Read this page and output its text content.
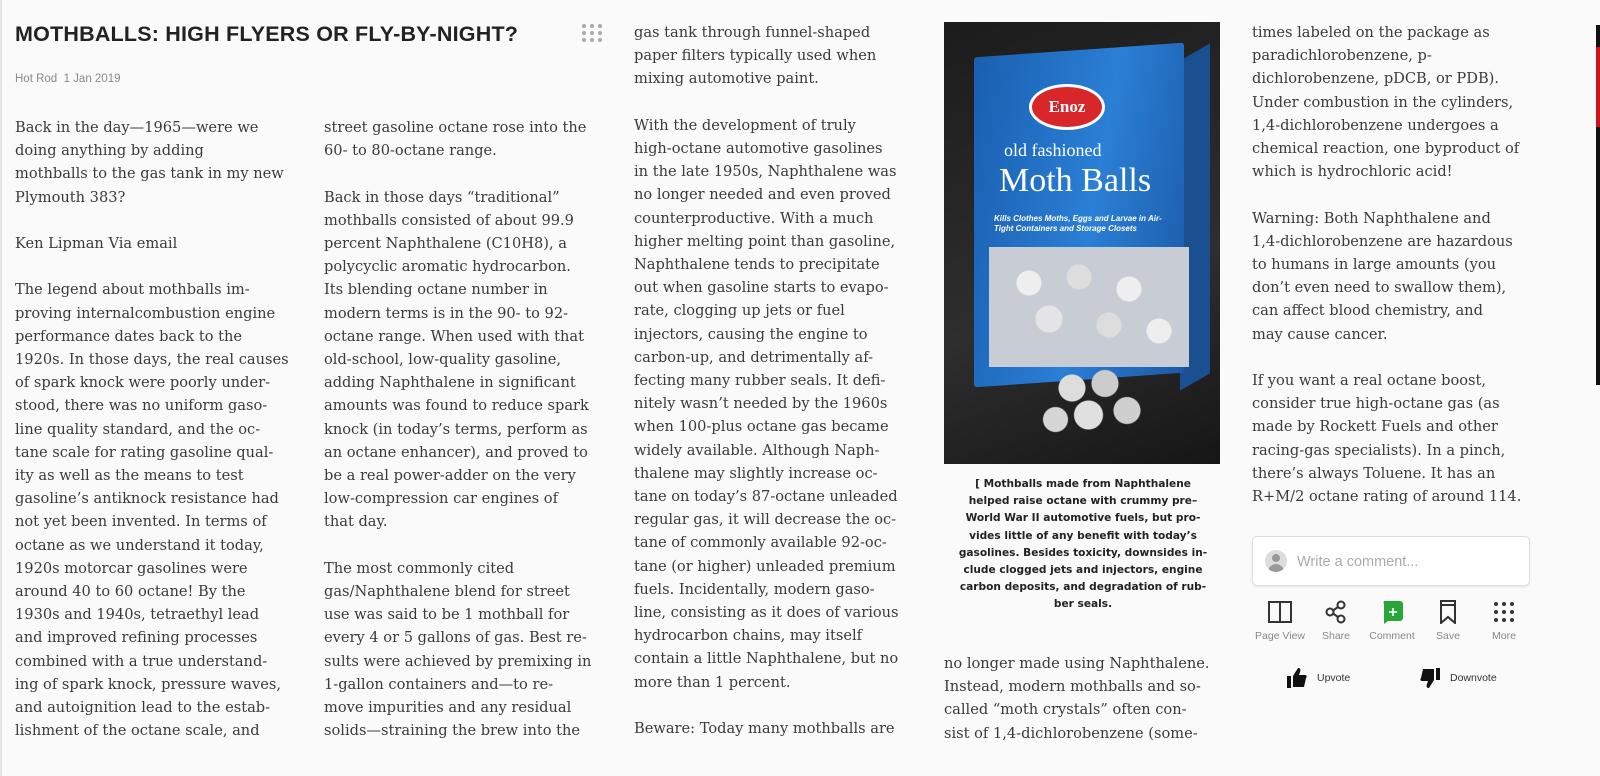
MOTHBALLS: HIGH FLYERS OR FLY-BY-NIGHT?
Hot Rod 1 Jan 2019

Back in the day—1965—were we
doing anything by adding
mothballs to the gas tank in my new
Plymouth 383?

Ken Lipman Via email

The legend about mothballs im-
proving internalcombustion engine
performance dates back to the
1920s. In those days, the real causes
of spark knock were poorly under-
stood, there was no uniform gaso-
line quality standard, and the oc-
tane scale for rating gasoline qual-
ity as well as the means to test
gasoline’s antiknock resistance had
not yet been invented. In terms of
octane as we understand it today,
1920s motorcar gasolines were
around 40 to 60 octane! By the
1930s and 1940s, tetraethyl lead
and improved refining processes
combined with a true understand-
ing of spark knock, pressure waves,
and autoignition lead to the estab-
lishment of the octane scale, and

street gasoline octane rose into the
60- to 80-octane range.

Back in those days “traditional”
mothballs consisted of about 99.9
percent Naphthalene (C10H8), a
polycyclic aromatic hydrocarbon.
Its blending octane number in
modern terms is in the 90- to 92-
octane range. When used with that
old-school, low-quality gasoline,
adding Naphthalene in significant
amounts was found to reduce spark
knock (in today’s terms, perform as
an octane enhancer), and proved to
be a real power-adder on the very
low-compression car engines of
that day.

The most commonly cited
gas/Naphthalene blend for street
use was said to be 1 mothball for
every 4 or 5 gallons of gas. Best re-
sults were achieved by premixing in
1-gallon containers and—to re-
move impurities and any residual
solids—straining the brew into the

gas tank through funnel-shaped
paper filters typically used when
mixing automotive paint.

With the development of truly
high-octane automotive gasolines
in the late 1950s, Naphthalene was
no longer needed and even proved
counterproductive. With a much
higher melting point than gasoline,
Naphthalene tends to precipitate
out when gasoline starts to evapo-
rate, clogging up jets or fuel
injectors, causing the engine to
carbon-up, and detrimentally af-
fecting many rubber seals. It defi-
nitely wasn’t needed by the 1960s
when 100-plus octane gas became
widely available. Although Naph-
thalene may slightly increase oc-
tane on today’s 87-octane unleaded
regular gas, it will decrease the oc-
tane of commonly available 92-oc-
tane (or higher) unleaded premium
fuels. Incidentally, modern gaso-
line, consisting as it does of various
hydrocarbon chains, may itself
contain a little Naphthalene, but no
more than 1 percent.

Beware: Today many mothballs are

no longer made using Naphthalene.
Instead, modern mothballs and so-
called “moth crystals” often con-
sist of 1,4-dichlorobenzene (some-

times labeled on the package as
paradichlorobenzene, p-
dichlorobenzene, pDCB, or PDB).
Under combustion in the cylinders,
1,4-dichlorobenzene undergoes a
chemical reaction, one byproduct of
which is hydrochloric acid!

Warning: Both Naphthalene and
1,4-dichlorobenzene are hazardous
to humans in large amounts (you
don’t even need to swallow them),
can affect blood chemistry, and
may cause cancer.

If you want a real octane boost,
consider true high-octane gas (as
made by Rockett Fuels and other
racing-gas specialists). In a pinch,
there’s always Toluene. It has an
R+M/2 octane rating of around 114.

Enoz
old fashioned
Moth Balls
Kills Clothes Moths, Eggs and Larvae in Air-Tight Containers and Storage Closets
[ Mothballs made from Naphthalene
helped raise octane with crummy pre–
World War II automotive fuels, but pro-
vides little of any benefit with today’s
gasolines. Besides toxicity, downsides in-
clude clogged jets and injectors, engine
carbon deposits, and degradation of rub-
ber seals.
Write a comment...
Page View	Share	Comment	Save	More
Upvote	Downvote
